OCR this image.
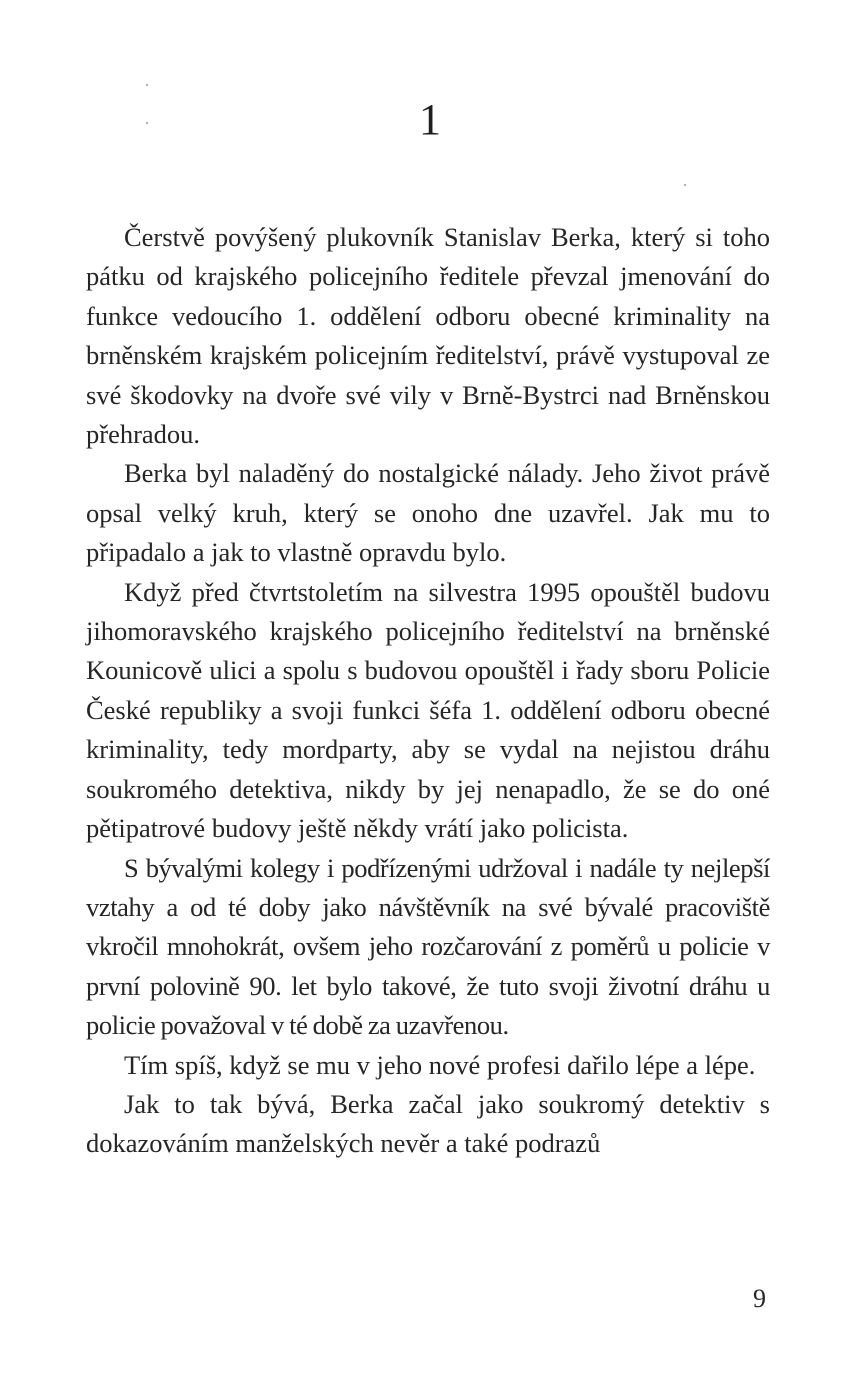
1

Čerstvě povýšený plukovník Stanislav Berka, který si toho pátku od krajského policejního ředitele převzal jmenování do funkce vedoucího 1. oddělení odboru obecné kriminality na brněnském krajském policejním ředitelství, právě vystupoval ze své škodovky na dvoře své vily v Brně-Bystrci nad Brněnskou přehradou.

Berka byl naladěný do nostalgické nálady. Jeho život právě opsal velký kruh, který se onoho dne uzavřel. Jak mu to připadalo a jak to vlastně opravdu bylo.

Když před čtvrtstoletím na silvestra 1995 opouštěl budovu jihomoravského krajského policejního ředitelství na brněnské Kounicově ulici a spolu s budovou opouštěl i řady sboru Policie České republiky a svoji funkci šéfa 1. oddělení odboru obecné kriminality, tedy mordparty, aby se vydal na nejistou dráhu soukromého detektiva, nikdy by jej nenapadlo, že se do oné pětipatrové budovy ještě někdy vrátí jako policista.

S bývalými kolegy i podřízenými udržoval i nadále ty nejlepší vztahy a od té doby jako návštěvník na své bývalé pracoviště vkročil mnohokrát, ovšem jeho rozčarování z poměrů u policie v první polovině 90. let bylo takové, že tuto svoji životní dráhu u policie považoval v té době za uzavřenou.

Tím spíš, když se mu v jeho nové profesi dařilo lépe a lépe.

Jak to tak bývá, Berka začal jako soukromý detektiv s dokazováním manželských nevěr a také podrazů

9
